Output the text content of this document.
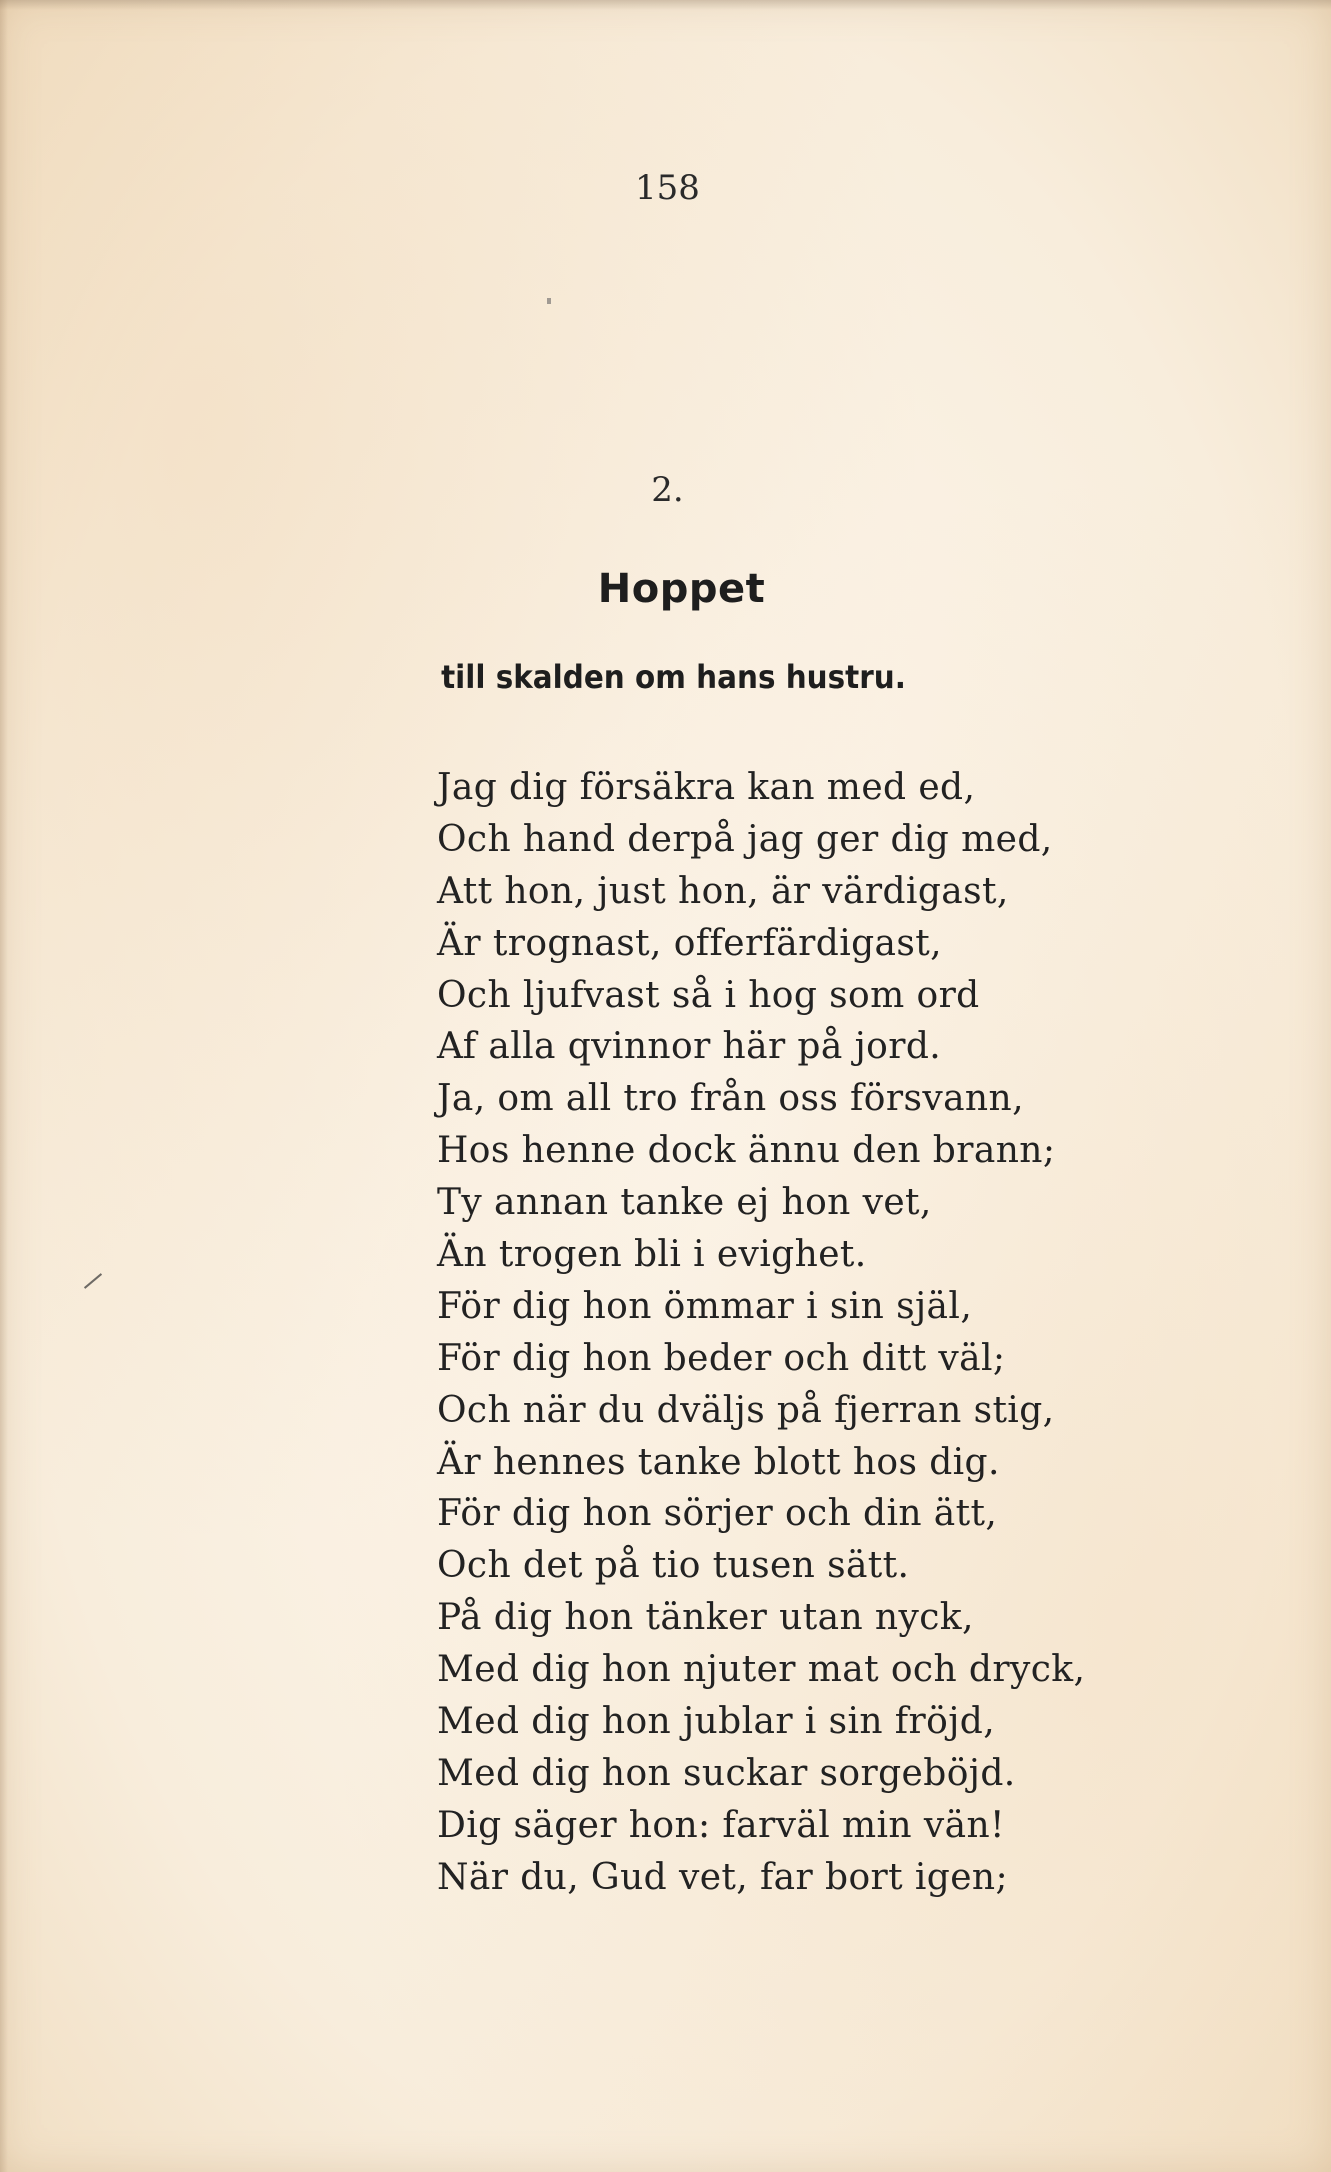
158
2.
Hoppet
till skalden om hans hustru.
Jag dig försäkra kan med ed,
Och hand derpå jag ger dig med,
Att hon, just hon, är värdigast,
Är trognast, offerfärdigast,
Och ljufvast så i hog som ord
Af alla qvinnor här på jord.
Ja, om all tro från oss försvann,
Hos henne dock ännu den brann;
Ty annan tanke ej hon vet,
Än trogen bli i evighet.
För dig hon ömmar i sin själ,
För dig hon beder och ditt väl;
Och när du dväljs på fjerran stig,
Är hennes tanke blott hos dig.
För dig hon sörjer och din ätt,
Och det på tio tusen sätt.
På dig hon tänker utan nyck,
Med dig hon njuter mat och dryck,
Med dig hon jublar i sin fröjd,
Med dig hon suckar sorgeböjd.
Dig säger hon: farväl min vän!
När du, Gud vet, far bort igen;
